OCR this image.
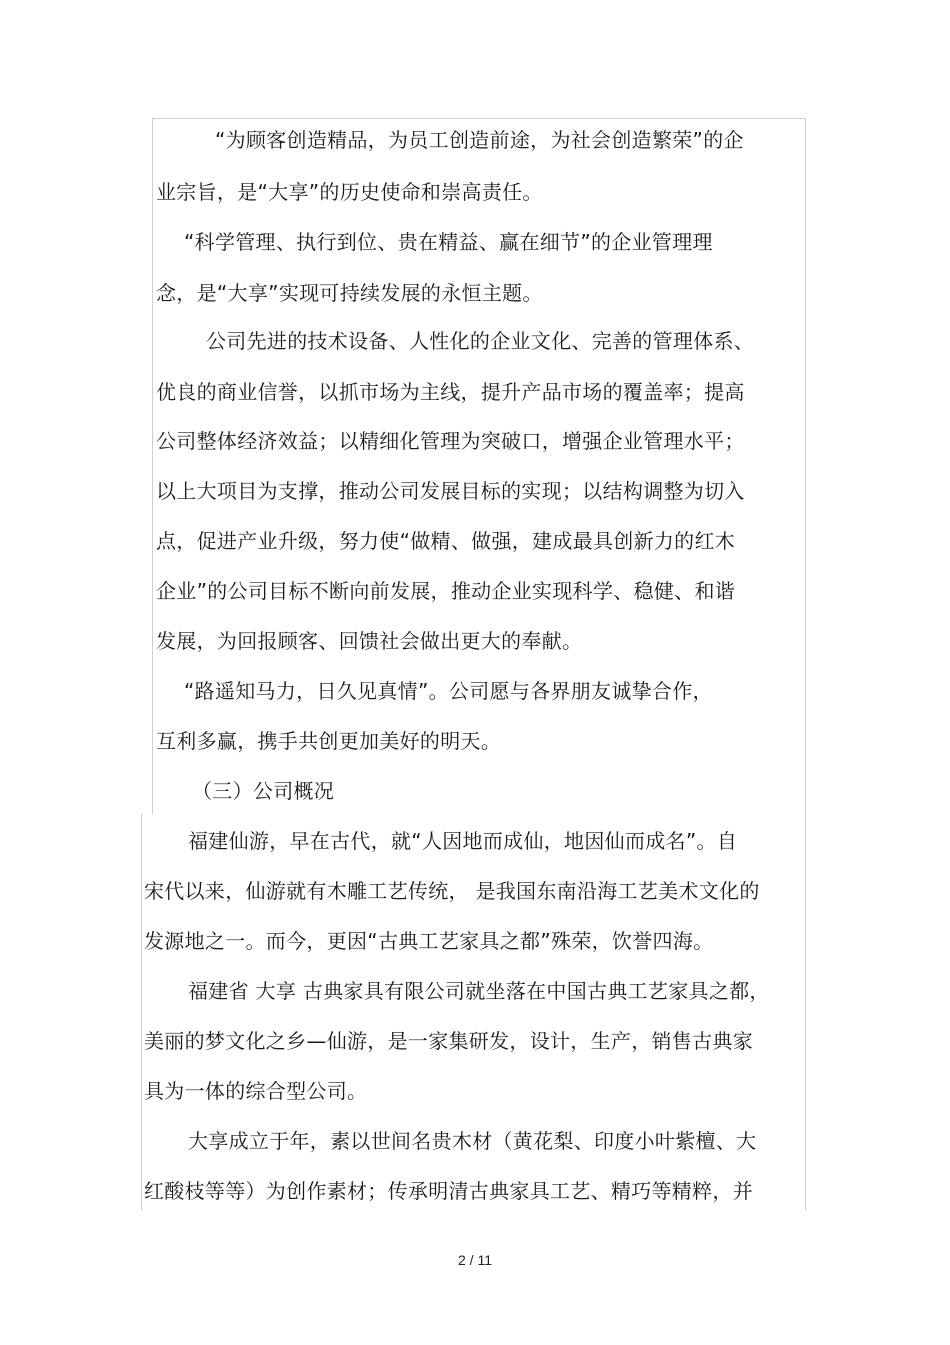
“为顾客创造精品，为员工创造前途，为社会创造繁荣”的企
业宗旨，是“大享”的历史使命和崇高责任。
“科学管理、执行到位、贵在精益、赢在细节”的企业管理理
念，是“大享”实现可持续发展的永恒主题。
公司先进的技术设备、人性化的企业文化、完善的管理体系、
优良的商业信誉，以抓市场为主线，提升产品市场的覆盖率；提高
公司整体经济效益；以精细化管理为突破口，增强企业管理水平；
以上大项目为支撑，推动公司发展目标的实现；以结构调整为切入
点，促进产业升级，努力使“做精、做强，建成最具创新力的红木
企业”的公司目标不断向前发展，推动企业实现科学、稳健、和谐
发展，为回报顾客、回馈社会做出更大的奉献。
“路遥知马力，日久见真情”。公司愿与各界朋友诚挚合作，
互利多赢，携手共创更加美好的明天。
（三）公司概况
福建仙游，早在古代，就“人因地而成仙，地因仙而成名”。自
宋代以来，仙游就有木雕工艺传统， 是我国东南沿海工艺美术文化的
发源地之一。而今，更因“古典工艺家具之都”殊荣，饮誉四海。
福建省 大享 古典家具有限公司就坐落在中国古典工艺家具之都，
美丽的梦文化之乡—仙游，是一家集研发，设计，生产，销售古典家
具为一体的综合型公司。
大享成立于年，素以世间名贵木材（黄花梨、印度小叶紫檀、大
红酸枝等等）为创作素材；传承明清古典家具工艺、精巧等精粹，并
2 / 11
